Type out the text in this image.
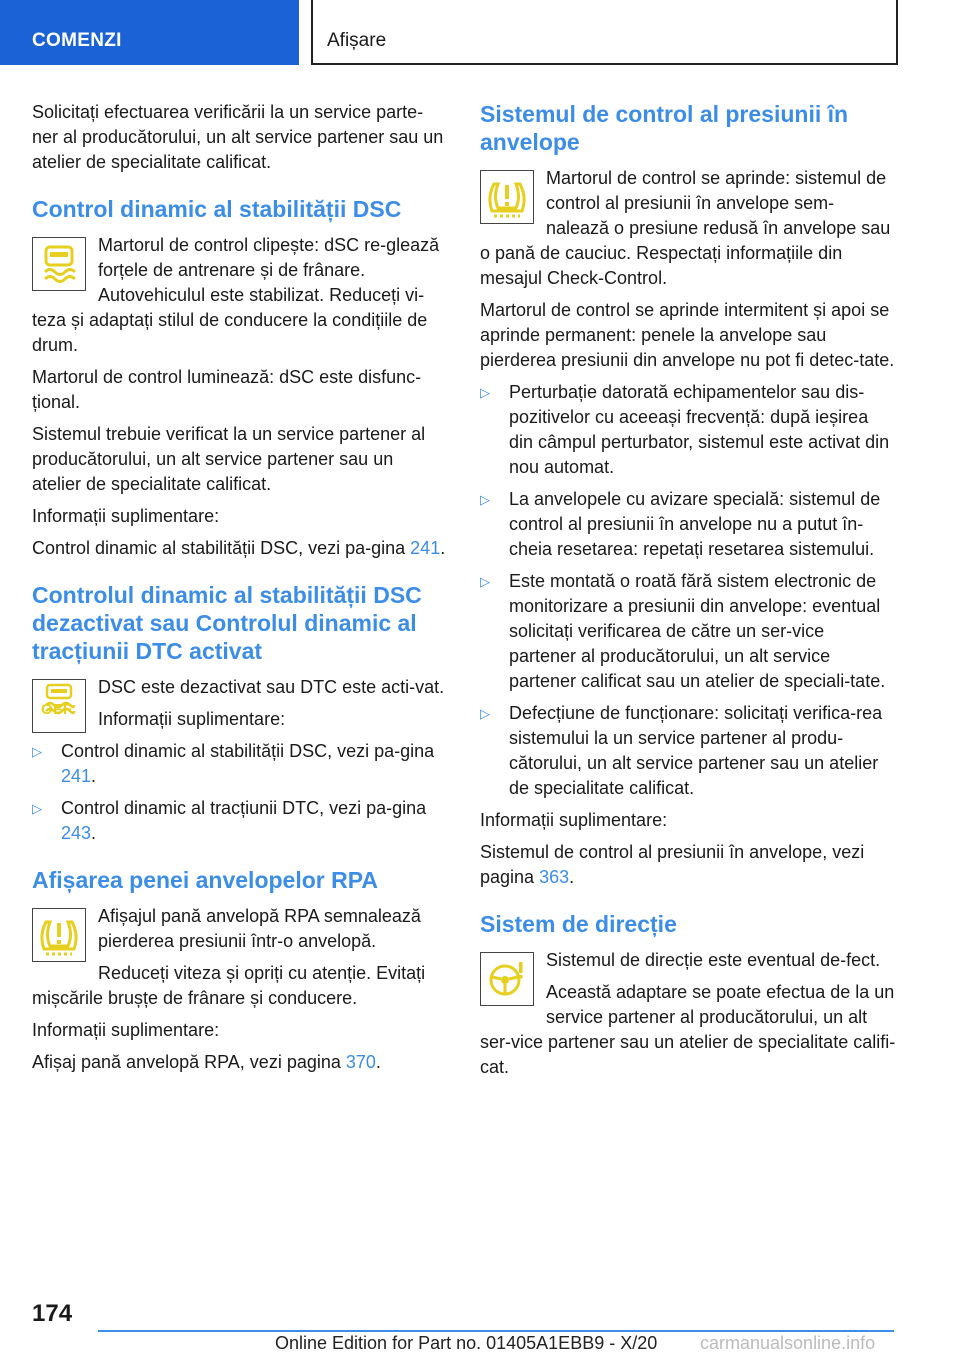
COMENZI	Afișare

Solicitați efectuarea verificării la un service parte-ner al producătorului, un alt service partener sau un atelier de specialitate calificat.

Control dinamic al stabilității DSC

Martorul de control clipește: dSC re-glează forțele de antrenare și de frânare. Autovehiculul este stabilizat. Reduceți vi-teza și adaptați stilul de conducere la condițiile de drum.

Martorul de control luminează: dSC este disfunc-țional.

Sistemul trebuie verificat la un service partener al producătorului, un alt service partener sau un atelier de specialitate calificat.

Informații suplimentare:

Control dinamic al stabilității DSC, vezi pa-gina 241.

Controlul dinamic al stabilității DSC dezactivat sau Controlul dinamic al tracțiunii DTC activat

DSC este dezactivat sau DTC este acti-vat.

Informații suplimentare:

OFF
▷ Control dinamic al stabilității DSC, vezi pa-gina 241.
▷ Control dinamic al tracțiunii DTC, vezi pa-gina 243.
Afișarea penei anvelopelor RPA

Afișajul pană anvelopă RPA semnalează pierderea presiunii într-o anvelopă.

Reduceți viteza și opriți cu atenție. Evitați mișcările brușțe de frânare și conducere.

Informații suplimentare:

Afișaj pană anvelopă RPA, vezi pagina 370.

Sistemul de control al presiunii în anvelope

Martorul de control se aprinde: sistemul de control al presiunii în anvelope sem-nalează o presiune redusă în anvelope sau o pană de cauciuc. Respectați informațiile din mesajul Check-Control.

Martorul de control se aprinde intermitent și apoi se aprinde permanent: penele la anvelope sau pierderea presiunii din anvelope nu pot fi detec-tate.

▷ Perturbație datorată echipamentelor sau dis-pozitivelor cu aceeași frecvență: după ieșirea din câmpul perturbator, sistemul este activat din nou automat.
▷ La anvelopele cu avizare specială: sistemul de control al presiunii în anvelope nu a putut în-cheia resetarea: repetați resetarea sistemului.
▷ Este montată o roată fără sistem electronic de monitorizare a presiunii din anvelope: eventual solicitați verificarea de către un ser-vice partener al producătorului, un alt service partener calificat sau un atelier de speciali-tate.
▷ Defecțiune de funcționare: solicitați verifica-rea sistemului la un service partener al produ-cătorului, un alt service partener sau un atelier de specialitate calificat.

Informații suplimentare:

Sistemul de control al presiunii în anvelope, vezi pagina 363.

Sistem de direcție

Sistemul de direcție este eventual de-fect.

Această adaptare se poate efectua de la un service partener al producătorului, un alt ser-vice partener sau un atelier de specialitate califi-cat.

174
Online Edition for Part no. 01405A1EBB9 - X/20 carmanualsonline.info
